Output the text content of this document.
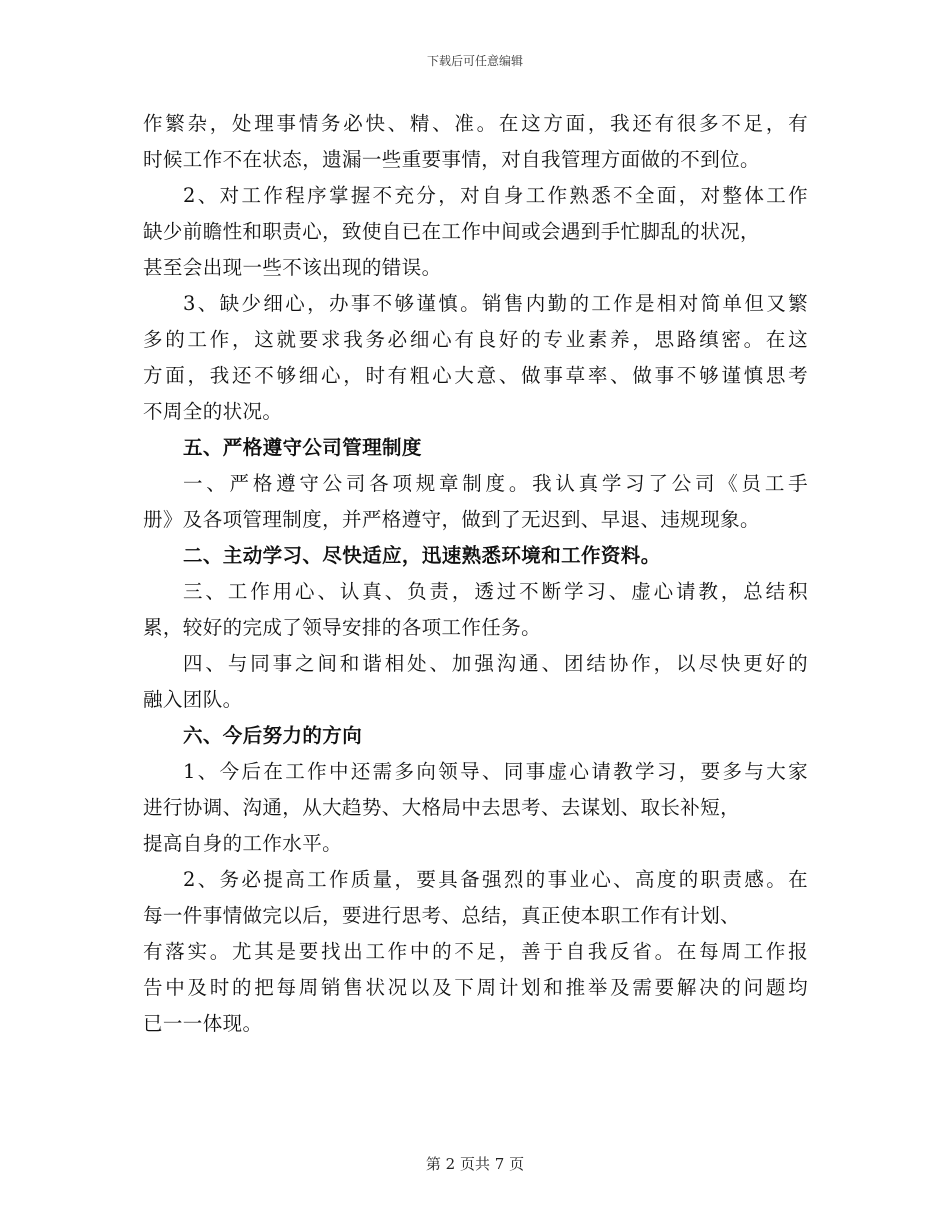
下载后可任意编辑
作繁杂，处理事情务必快、精、准。在这方面，我还有很多不足，有
时候工作不在状态，遗漏一些重要事情，对自我管理方面做的不到位。
2、对工作程序掌握不充分，对自身工作熟悉不全面，对整体工作
缺少前瞻性和职责心，致使自已在工作中间或会遇到手忙脚乱的状况，
甚至会出现一些不该出现的错误。
3、缺少细心，办事不够谨慎。销售内勤的工作是相对简单但又繁
多的工作，这就要求我务必细心有良好的专业素养，思路缜密。在这
方面，我还不够细心，时有粗心大意、做事草率、做事不够谨慎思考
不周全的状况。
五、严格遵守公司管理制度
一、严格遵守公司各项规章制度。我认真学习了公司《员工手
册》及各项管理制度，并严格遵守，做到了无迟到、早退、违规现象。
二、主动学习、尽快适应，迅速熟悉环境和工作资料。
三、工作用心、认真、负责，透过不断学习、虚心请教，总结积
累，较好的完成了领导安排的各项工作任务。
四、与同事之间和谐相处、加强沟通、团结协作，以尽快更好的
融入团队。
六、今后努力的方向
1、今后在工作中还需多向领导、同事虚心请教学习，要多与大家
进行协调、沟通，从大趋势、大格局中去思考、去谋划、取长补短，
提高自身的工作水平。
2、务必提高工作质量，要具备强烈的事业心、高度的职责感。在
每一件事情做完以后，要进行思考、总结，真正使本职工作有计划、
有落实。尤其是要找出工作中的不足，善于自我反省。在每周工作报
告中及时的把每周销售状况以及下周计划和推举及需要解决的问题均
已一一体现。
第 2 页共 7 页
